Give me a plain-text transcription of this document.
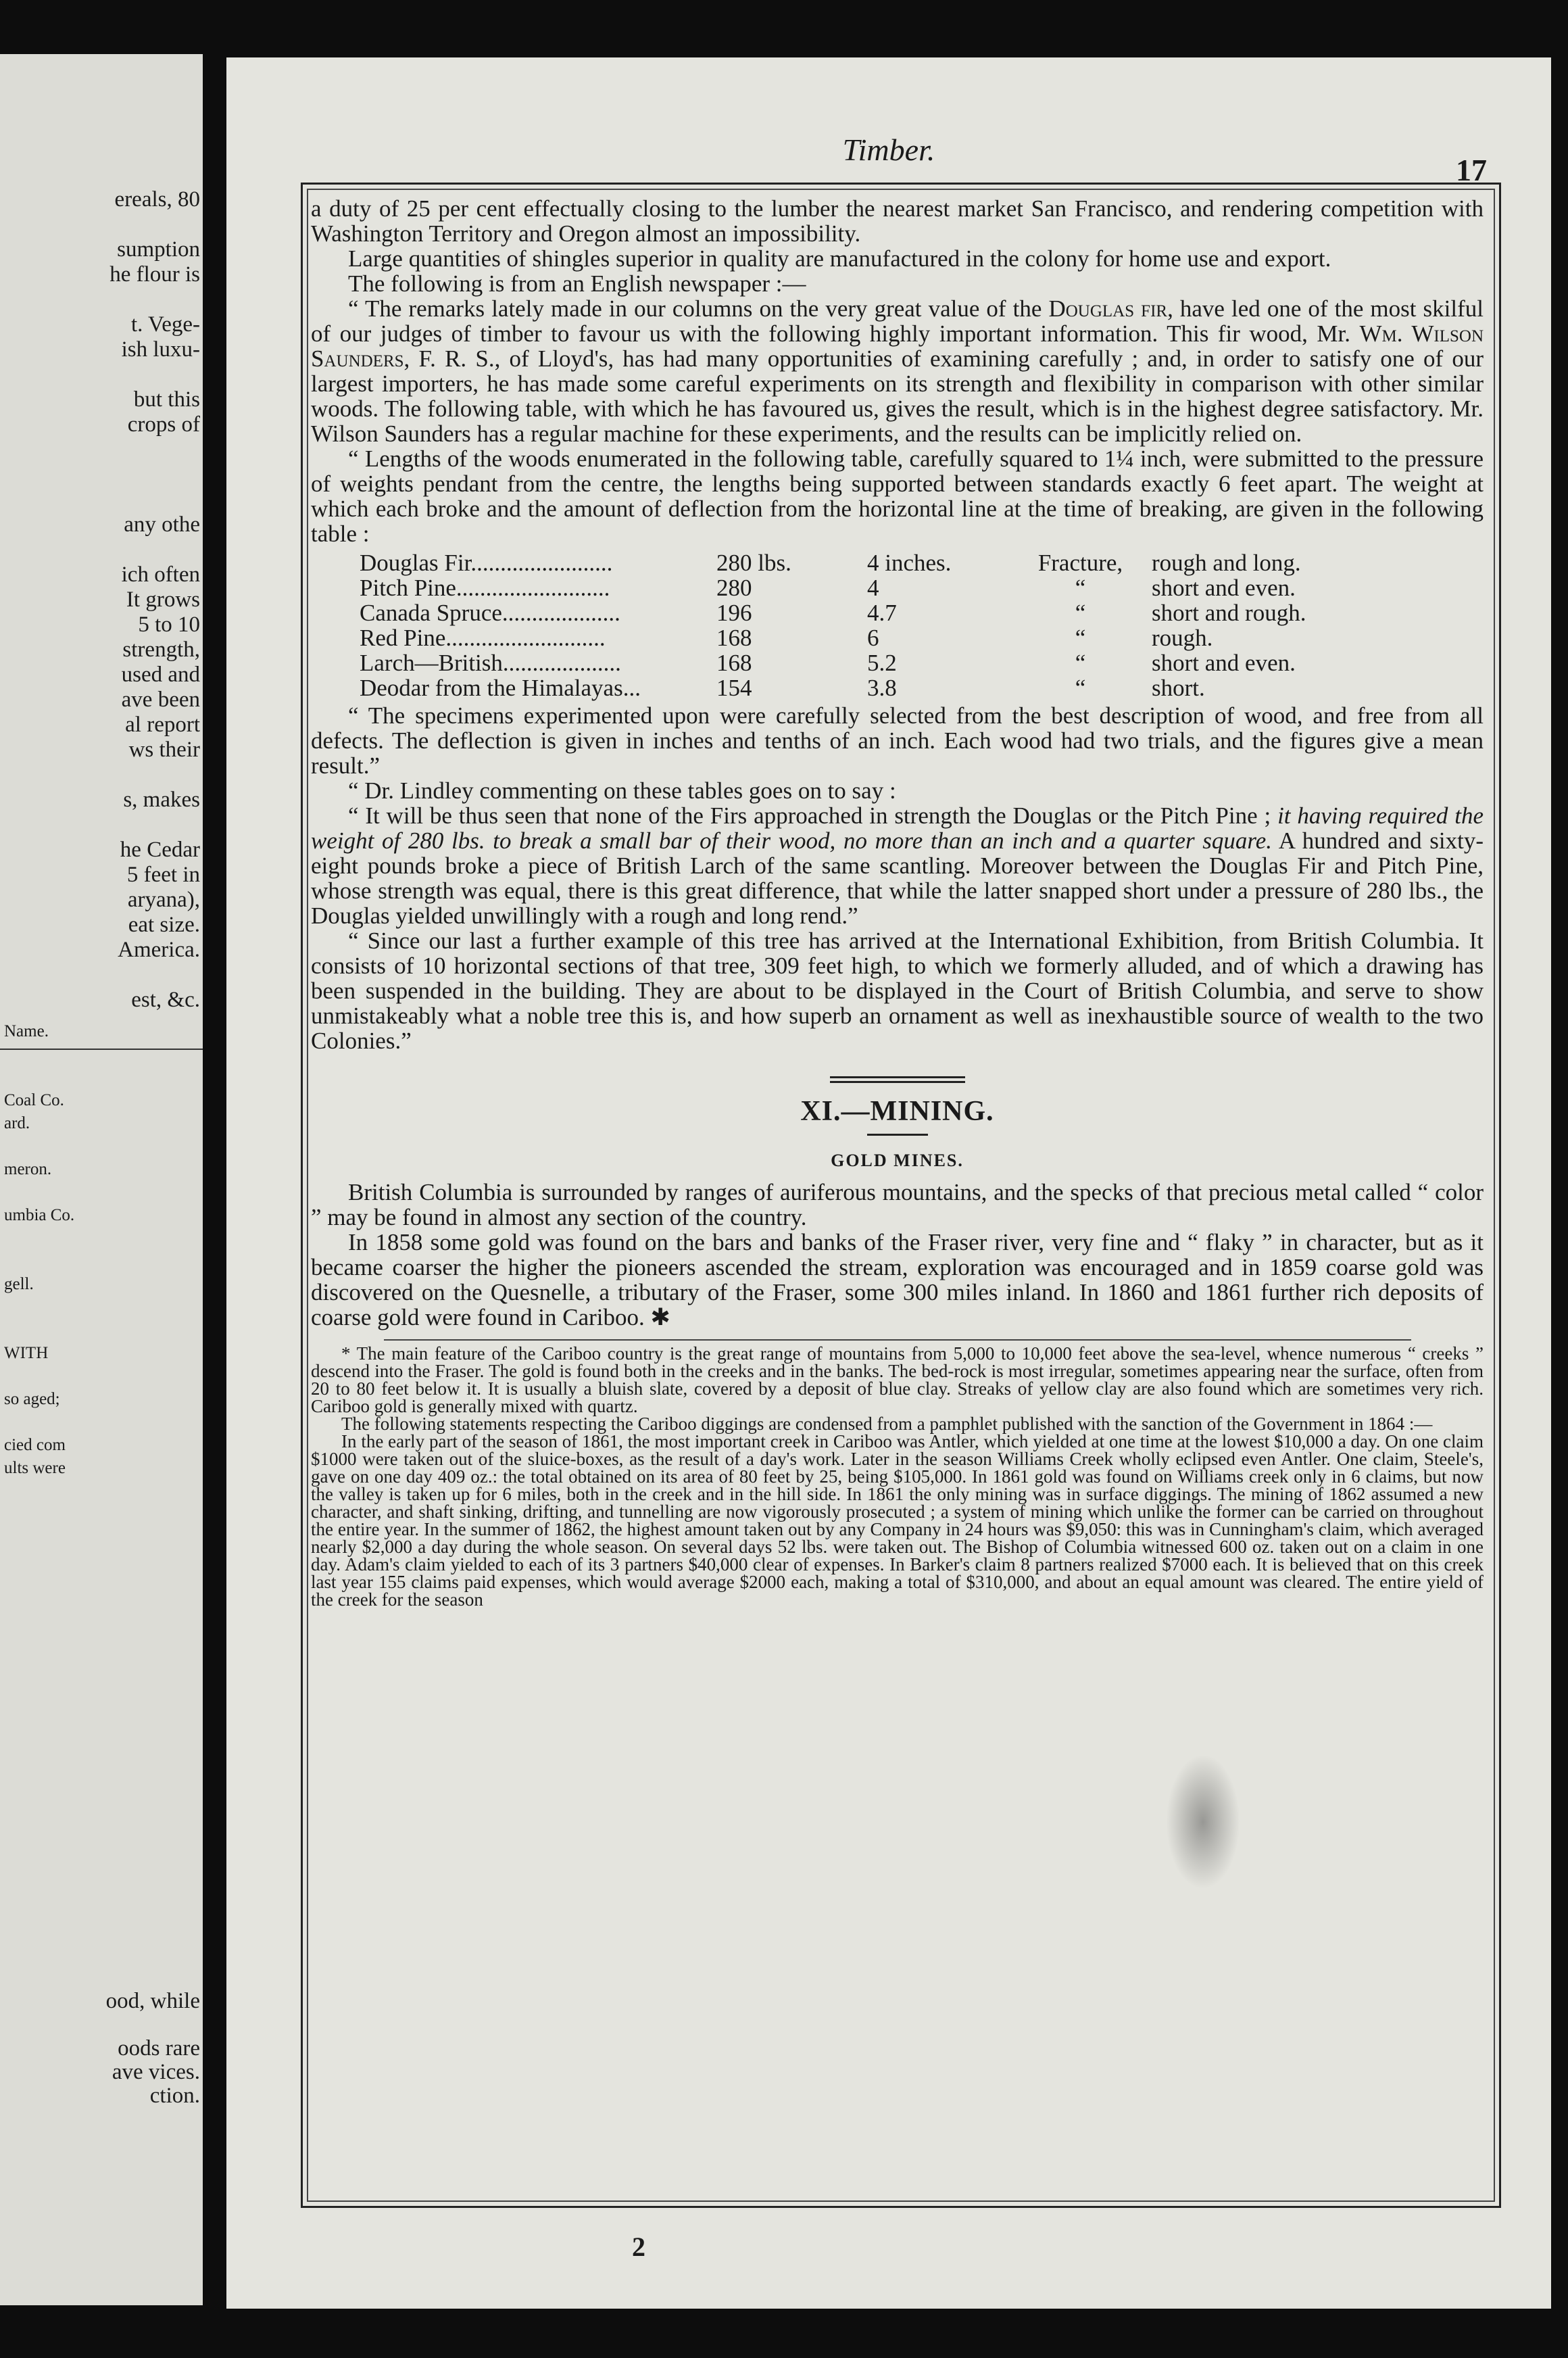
ereals, 80
sumption
he flour is
t. Vege-
ish luxu-
but this
crops of
any othe
ich often
It grows
5 to 10
strength,
used and
ave been
al report
ws their
s, makes
he Cedar
5 feet in
aryana),
eat size.
America.
est, &c.
Name.
Coal Co.
ard.
meron.
umbia Co.
gell.
WITH
so aged;
cied com
ults were
ood, while
oods rare
ave vices.
ction.
Timber.
17

a duty of 25 per cent effectually closing to the lumber the nearest market San Francisco, and rendering competition with Washington Territory and Oregon almost an impossibility.

Large quantities of shingles superior in quality are manufactured in the colony for home use and export.

The following is from an English newspaper :—

“ The remarks lately made in our columns on the very great value of the Douglas fir, have led one of the most skilful of our judges of timber to favour us with the following highly important information. This fir wood, Mr. Wm. Wilson Saunders, F. R. S., of Lloyd's, has had many opportunities of examining carefully ; and, in order to satisfy one of our largest importers, he has made some careful experiments on its strength and flexibility in comparison with other similar woods. The following table, with which he has favoured us, gives the result, which is in the highest degree satisfactory. Mr. Wilson Saunders has a regular machine for these experiments, and the results can be implicitly relied on.

“ Lengths of the woods enumerated in the following table, carefully squared to 1¼ inch, were submitted to the pressure of weights pendant from the centre, the lengths being supported between standards exactly 6 feet apart. The weight at which each broke and the amount of deflection from the horizontal line at the time of breaking, are given in the following table :

Douglas Fir........................	280 lbs.	4 inches.	Fracture,	rough and long.
Pitch Pine..........................	280	4	“	short and even.
Canada Spruce....................	196	4.7	“	short and rough.
Red Pine...........................	168	6	“	rough.
Larch—British....................	168	5.2	“	short and even.
Deodar from the Himalayas...	154	3.8	“	short.

“ The specimens experimented upon were carefully selected from the best description of wood, and free from all defects. The deflection is given in inches and tenths of an inch. Each wood had two trials, and the figures give a mean result.”

“ Dr. Lindley commenting on these tables goes on to say :

“ It will be thus seen that none of the Firs approached in strength the Douglas or the Pitch Pine ; it having required the weight of 280 lbs. to break a small bar of their wood, no more than an inch and a quarter square. A hundred and sixty-eight pounds broke a piece of British Larch of the same scantling. Moreover between the Douglas Fir and Pitch Pine, whose strength was equal, there is this great difference, that while the latter snapped short under a pressure of 280 lbs., the Douglas yielded unwillingly with a rough and long rend.”

“ Since our last a further example of this tree has arrived at the International Exhibition, from British Columbia. It consists of 10 horizontal sections of that tree, 309 feet high, to which we formerly alluded, and of which a drawing has been suspended in the building. They are about to be displayed in the Court of British Columbia, and serve to show unmistakeably what a noble tree this is, and how superb an ornament as well as inexhaustible source of wealth to the two Colonies.”

XI.—MINING.
GOLD MINES.

British Columbia is surrounded by ranges of auriferous mountains, and the specks of that precious metal called “ color ” may be found in almost any section of the country.

In 1858 some gold was found on the bars and banks of the Fraser river, very fine and “ flaky ” in character, but as it became coarser the higher the pioneers ascended the stream, exploration was encouraged and in 1859 coarse gold was discovered on the Quesnelle, a tributary of the Fraser, some 300 miles inland. In 1860 and 1861 further rich deposits of coarse gold were found in Cariboo. ✱

* The main feature of the Cariboo country is the great range of mountains from 5,000 to 10,000 feet above the sea-level, whence numerous “ creeks ” descend into the Fraser. The gold is found both in the creeks and in the banks. The bed-rock is most irregular, sometimes appearing near the surface, often from 20 to 80 feet below it. It is usually a bluish slate, covered by a deposit of blue clay. Streaks of yellow clay are also found which are sometimes very rich. Cariboo gold is generally mixed with quartz.

The following statements respecting the Cariboo diggings are condensed from a pamphlet published with the sanction of the Government in 1864 :—

In the early part of the season of 1861, the most important creek in Cariboo was Antler, which yielded at one time at the lowest $10,000 a day. On one claim $1000 were taken out of the sluice-boxes, as the result of a day's work. Later in the season Williams Creek wholly eclipsed even Antler. One claim, Steele's, gave on one day 409 oz.: the total obtained on its area of 80 feet by 25, being $105,000. In 1861 gold was found on Williams creek only in 6 claims, but now the valley is taken up for 6 miles, both in the creek and in the hill side. In 1861 the only mining was in surface diggings. The mining of 1862 assumed a new character, and shaft sinking, drifting, and tunnelling are now vigorously prosecuted ; a system of mining which unlike the former can be carried on throughout the entire year. In the summer of 1862, the highest amount taken out by any Company in 24 hours was $9,050: this was in Cunningham's claim, which averaged nearly $2,000 a day during the whole season. On several days 52 lbs. were taken out. The Bishop of Columbia witnessed 600 oz. taken out on a claim in one day. Adam's claim yielded to each of its 3 partners $40,000 clear of expenses. In Barker's claim 8 partners realized $7000 each. It is believed that on this creek last year 155 claims paid expenses, which would average $2000 each, making a total of $310,000, and about an equal amount was cleared. The entire yield of the creek for the season

2
